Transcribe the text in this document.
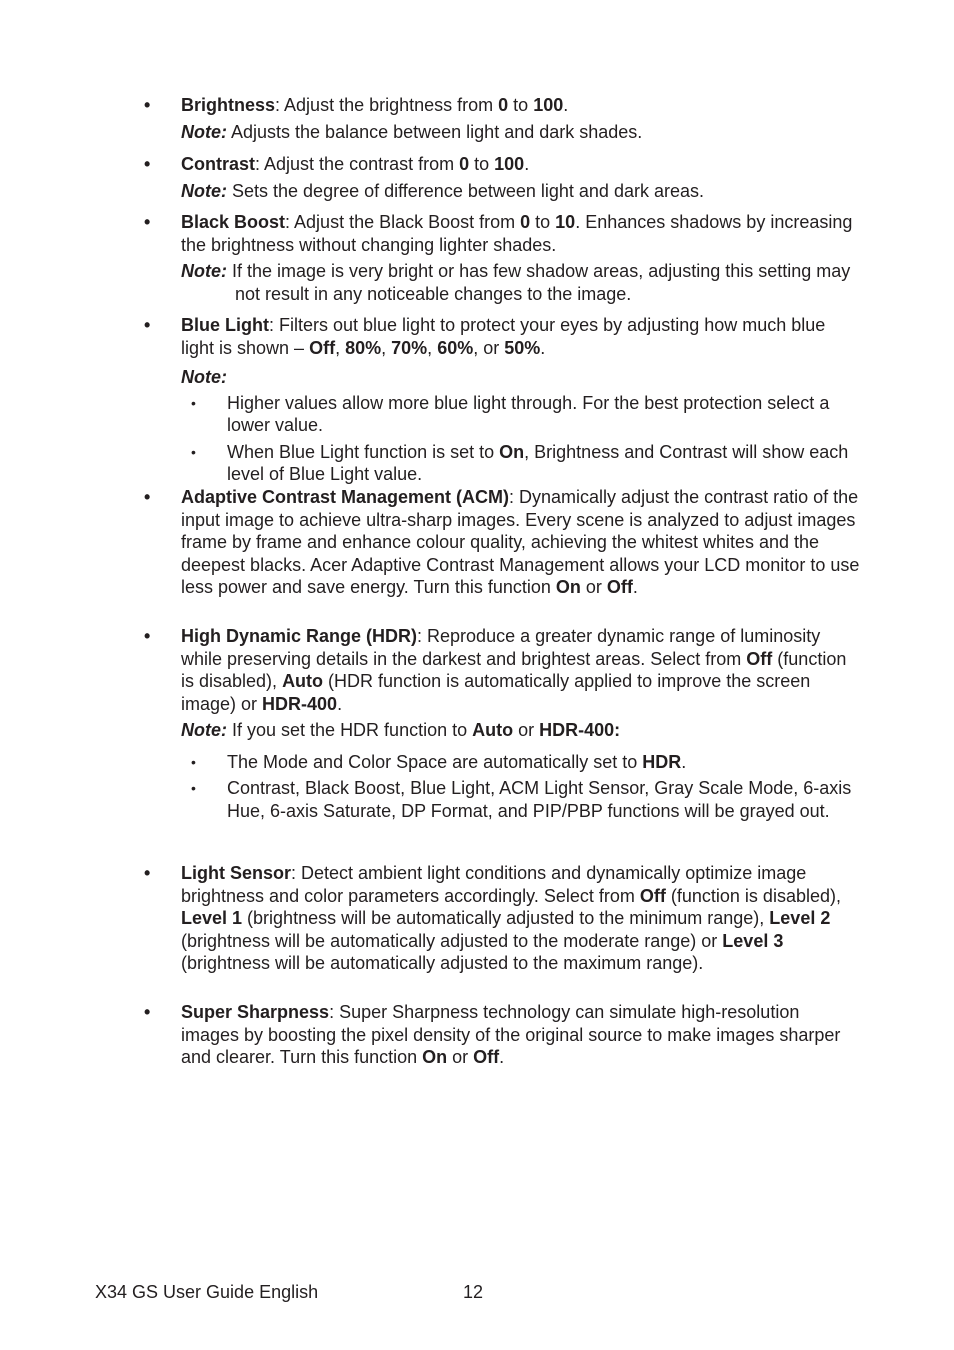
• Brightness: Adjust the brightness from 0 to 100.
Note: Adjusts the balance between light and dark shades.
• Contrast: Adjust the contrast from 0 to 100.
Note: Sets the degree of difference between light and dark areas.
• Black Boost: Adjust the Black Boost from 0 to 10. Enhances shadows by increasing the brightness without changing lighter shades.
Note: If the image is very bright or has few shadow areas, adjusting this setting may not result in any noticeable changes to the image.
• Blue Light: Filters out blue light to protect your eyes by adjusting how much blue light is shown – Off, 80%, 70%, 60%, or 50%.
Note:
• Higher values allow more blue light through. For the best protection select a lower value.
• When Blue Light function is set to On, Brightness and Contrast will show each level of Blue Light value.
• Adaptive Contrast Management (ACM): Dynamically adjust the contrast ratio of the input image to achieve ultra-sharp images. Every scene is analyzed to adjust images frame by frame and enhance colour quality, achieving the whitest whites and the deepest blacks. Acer Adaptive Contrast Management allows your LCD monitor to use less power and save energy. Turn this function On or Off.
• High Dynamic Range (HDR): Reproduce a greater dynamic range of luminosity while preserving details in the darkest and brightest areas. Select from Off (function is disabled), Auto (HDR function is automatically applied to improve the screen image) or HDR-400.
Note: If you set the HDR function to Auto or HDR-400:
• The Mode and Color Space are automatically set to HDR.
• Contrast, Black Boost, Blue Light, ACM Light Sensor, Gray Scale Mode, 6-axis Hue, 6-axis Saturate, DP Format, and PIP/PBP functions will be grayed out.
• Light Sensor: Detect ambient light conditions and dynamically optimize image brightness and color parameters accordingly. Select from Off (function is disabled), Level 1 (brightness will be automatically adjusted to the minimum range), Level 2 (brightness will be automatically adjusted to the moderate range) or Level 3 (brightness will be automatically adjusted to the maximum range).
• Super Sharpness: Super Sharpness technology can simulate high-resolution images by boosting the pixel density of the original source to make images sharper and clearer. Turn this function On or Off.
X34 GS User Guide English	12
